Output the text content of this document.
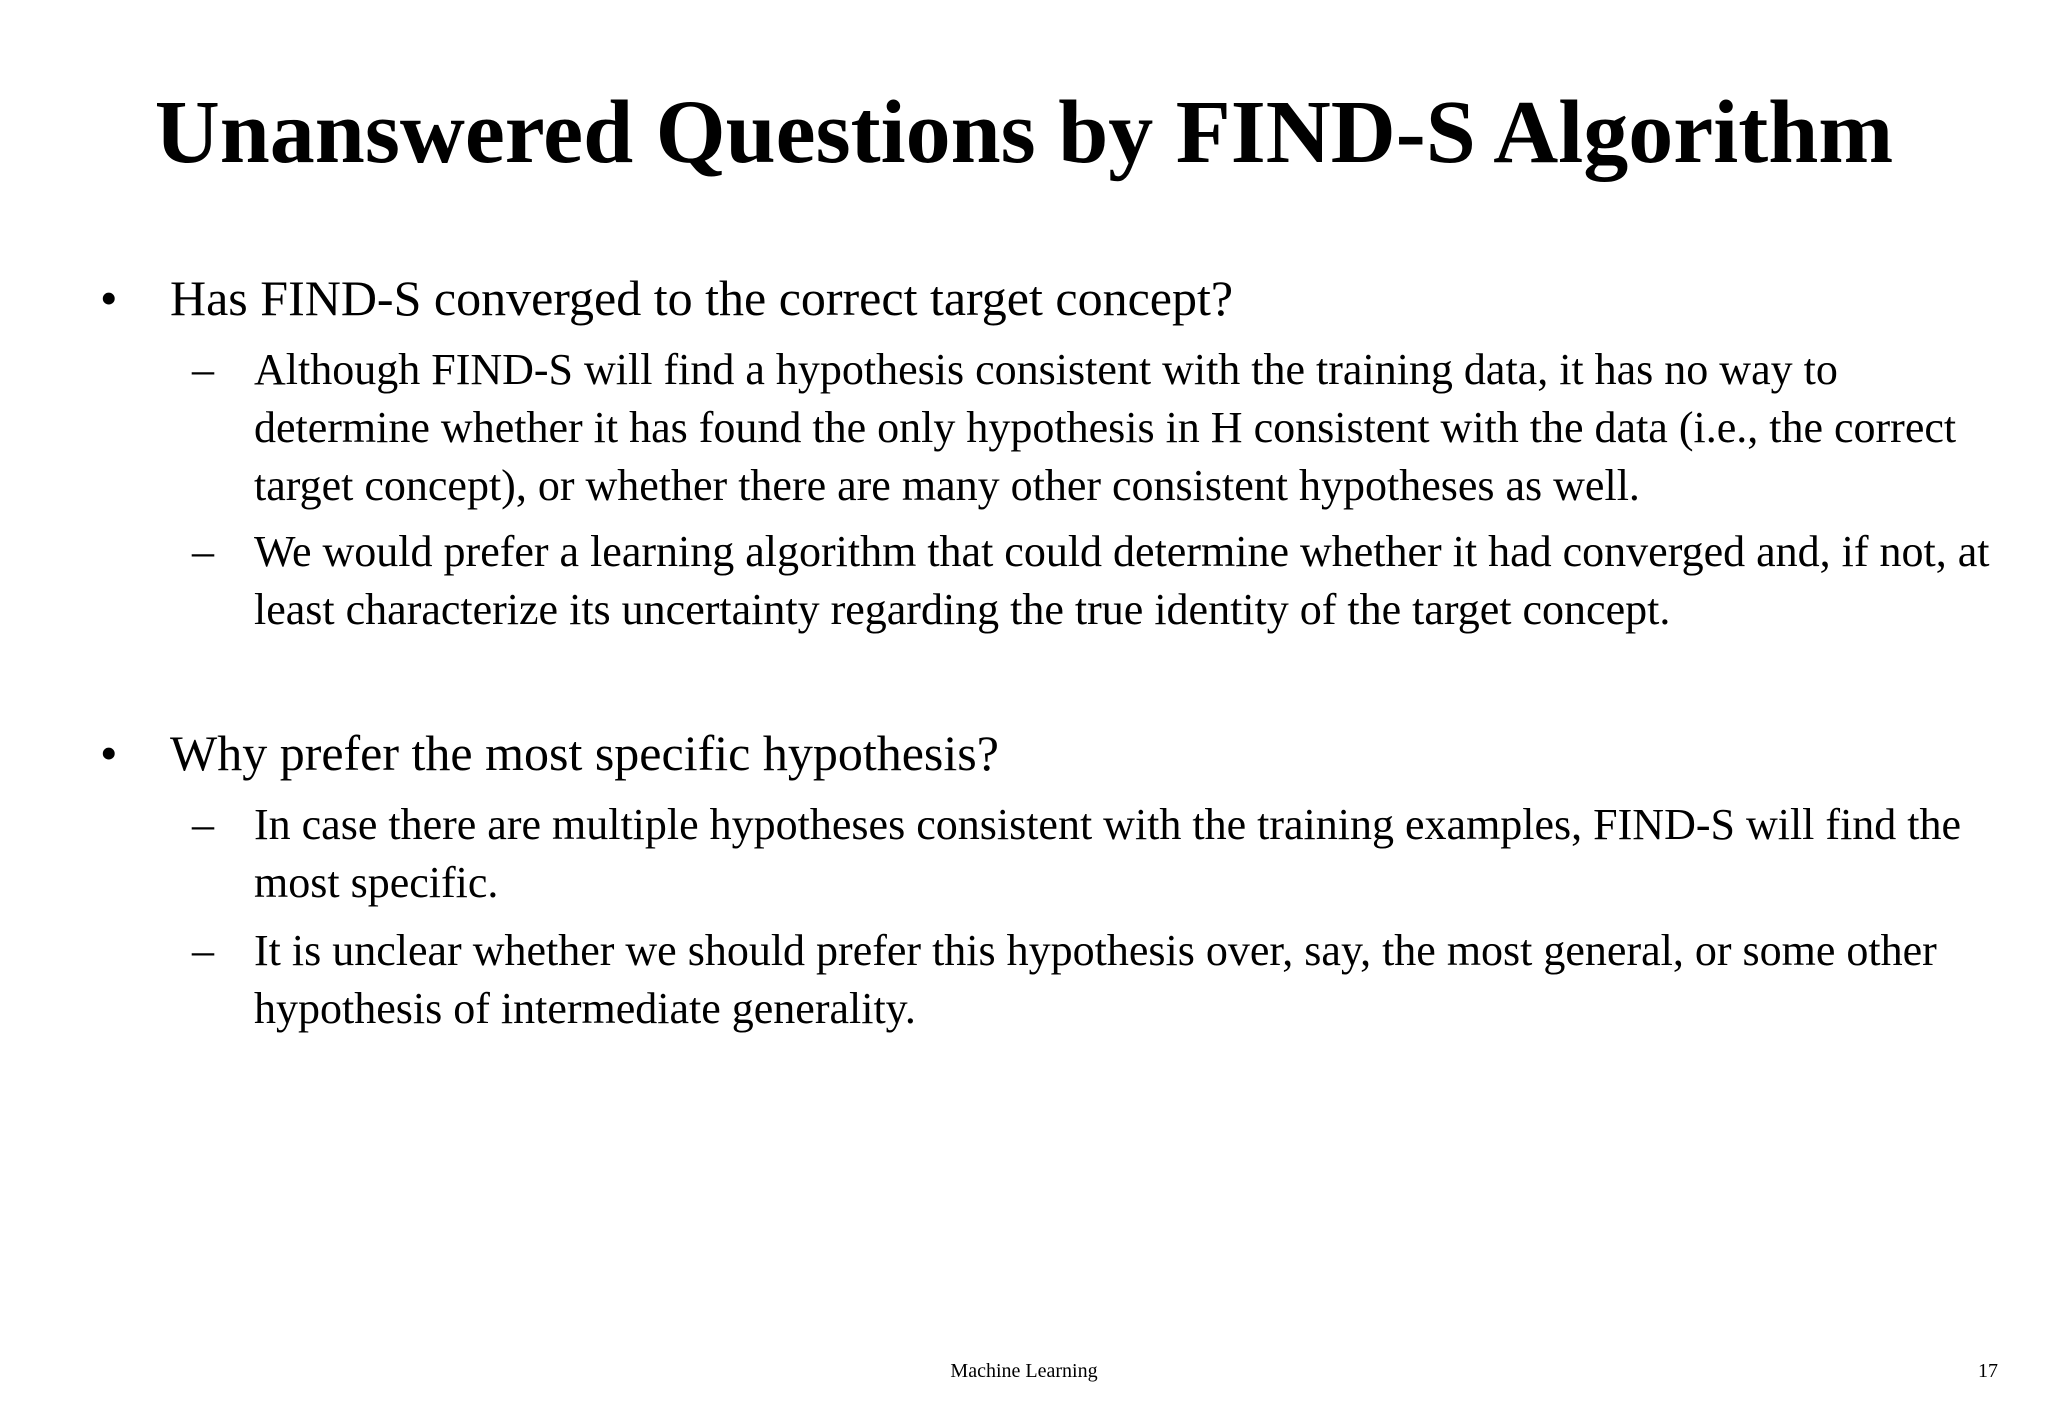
Unanswered Questions by FIND-S Algorithm
• Has FIND-S converged to the correct target concept?
– Although FIND-S will find a hypothesis consistent with the training data, it has no way to determine whether it has found the only hypothesis in H consistent with the data (i.e., the correct target concept), or whether there are many other consistent hypotheses as well.
– We would prefer a learning algorithm that could determine whether it had converged and, if not, at least characterize its uncertainty regarding the true identity of the target concept.
• Why prefer the most specific hypothesis?
– In case there are multiple hypotheses consistent with the training examples, FIND-S will find the most specific.
– It is unclear whether we should prefer this hypothesis over, say, the most general, or some other hypothesis of intermediate generality.
Machine Learning	17
